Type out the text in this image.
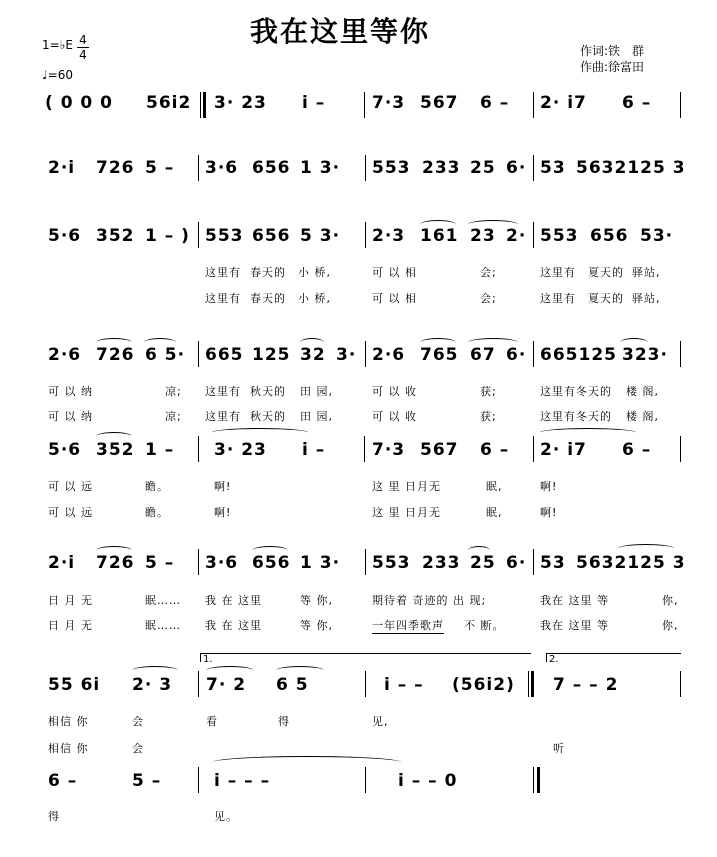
我在这里等你
1=♭E 4
4
♩=60
作词:铁　群
作曲:徐富田
( 0 0 0 56i2 3· 23 i –	7·3 567 6 – 2· i7 6 –
2·i 726 5 – 3·6 656 1 3· 553 233 25 6· 53 5632125 3
5·6 352 1 – ) 553 656 5 3· 2·3 161 23 2· 553 656 53·
这里有 春天的 小 桥,	可 以 相	会;	这里有 夏天的 驿站,
这里有 春天的 小 桥,	可 以 相	会;	这里有 夏天的 驿站,
2·6 726 6 5· 665 125 32 3· 2·6 765 67 6· 665125 323·
可 以 纳	凉; 这里有 秋天的 田 园,	可 以 收	获;	这里有冬天的 楼 阁,
可 以 纳	凉; 这里有 秋天的 田 园,	可 以 收	获;	这里有冬天的 楼 阁,
5·6 352 1 – 3· 23 i –	7·3 567 6 – 2· i7 6 –
可 以 远	瞻。	啊!	这 里 日月无	眠,	啊!
可 以 远	瞻。	啊!	这 里 日月无	眠,	啊!
2·i 726 5 – 3·6 656 1 3· 553 233 25 6· 53 5632125 3
日 月 无	眠…… 我 在 这里	等 你,	期待着 奇迹的 出 现;	我在 这里 等	你,
日 月 无	眠…… 我 在 这里	等 你,	一年四季歌声 不 断。	我在 这里 等	你,
1.	2.
55 6i 2· 3 7· 2 6 5	i – – (56i2) 7 – – 2
相信 你	会	看	得	见,
相信 你	会	听
6 –	5 –	i – – –	i – – 0
得	见。
